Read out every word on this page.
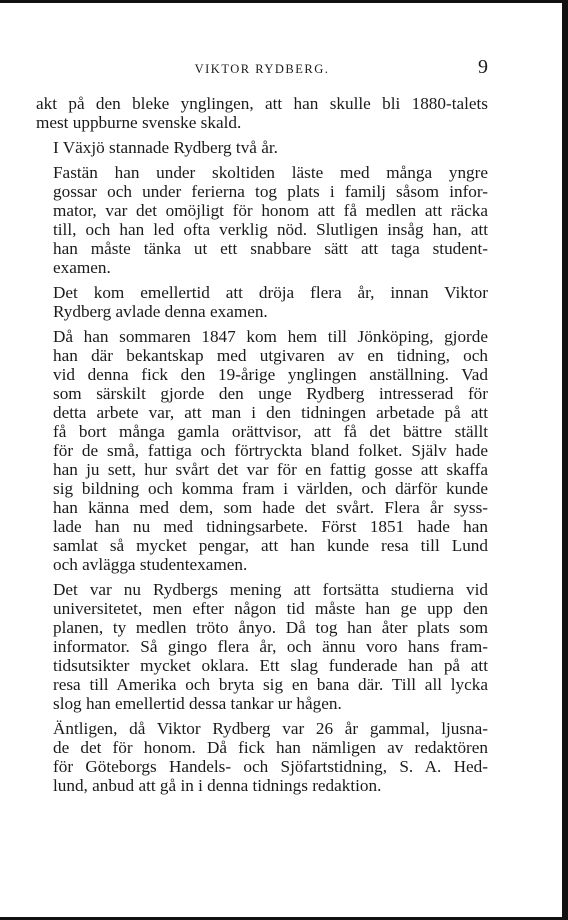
VIKTOR RYDBERG.	9
akt på den bleke ynglingen, att han skulle bli 1880-talets
mest uppburne svenske skald.
I Växjö stannade Rydberg två år.
Fastän han under skoltiden läste med många yngre
gossar och under ferierna tog plats i familj såsom infor-
mator, var det omöjligt för honom att få medlen att räcka
till, och han led ofta verklig nöd. Slutligen insåg han, att
han måste tänka ut ett snabbare sätt att taga student-
examen.
Det kom emellertid att dröja flera år, innan Viktor
Rydberg avlade denna examen.
Då han sommaren 1847 kom hem till Jönköping, gjorde
han där bekantskap med utgivaren av en tidning, och
vid denna fick den 19-årige ynglingen anställning. Vad
som särskilt gjorde den unge Rydberg intresserad för
detta arbete var, att man i den tidningen arbetade på att
få bort många gamla orättvisor, att få det bättre ställt
för de små, fattiga och förtryckta bland folket. Själv hade
han ju sett, hur svårt det var för en fattig gosse att skaffa
sig bildning och komma fram i världen, och därför kunde
han känna med dem, som hade det svårt. Flera år syss-
lade han nu med tidningsarbete. Först 1851 hade han
samlat så mycket pengar, att han kunde resa till Lund
och avlägga studentexamen.
Det var nu Rydbergs mening att fortsätta studierna vid
universitetet, men efter någon tid måste han ge upp den
planen, ty medlen tröto ånyo. Då tog han åter plats som
informator. Så gingo flera år, och ännu voro hans fram-
tidsutsikter mycket oklara. Ett slag funderade han på att
resa till Amerika och bryta sig en bana där. Till all lycka
slog han emellertid dessa tankar ur hågen.
Äntligen, då Viktor Rydberg var 26 år gammal, ljusna-
de det för honom. Då fick han nämligen av redaktören
för Göteborgs Handels- och Sjöfartstidning, S. A. Hed-
lund, anbud att gå in i denna tidnings redaktion.
